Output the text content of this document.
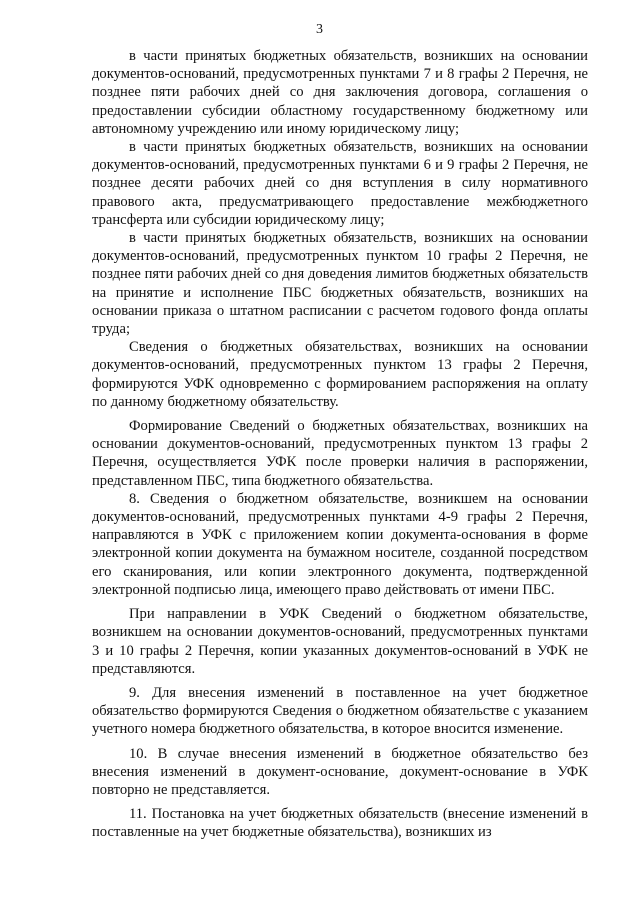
3

в части принятых бюджетных обязательств, возникших на основании документов-оснований, предусмотренных пунктами 7 и 8 графы 2 Перечня, не позднее пяти рабочих дней со дня заключения договора, соглашения о предоставлении субсидии областному государственному бюджетному или автономному учреждению или иному юридическому лицу;

в части принятых бюджетных обязательств, возникших на основании документов-оснований, предусмотренных пунктами 6 и 9 графы 2 Перечня, не позднее десяти рабочих дней со дня вступления в силу нормативного правового акта, предусматривающего предоставление межбюджетного трансферта или субсидии юридическому лицу;

в части принятых бюджетных обязательств, возникших на основании документов-оснований, предусмотренных пунктом 10 графы 2 Перечня, не позднее пяти рабочих дней со дня доведения лимитов бюджетных обязательств на принятие и исполнение ПБС бюджетных обязательств, возникших на основании приказа о штатном расписании с расчетом годового фонда оплаты труда;

Сведения о бюджетных обязательствах, возникших на основании документов-оснований, предусмотренных пунктом 13 графы 2 Перечня, формируются УФК одновременно с формированием распоряжения на оплату по данному бюджетному обязательству.

Формирование Сведений о бюджетных обязательствах, возникших на основании документов-оснований, предусмотренных пунктом 13 графы 2 Перечня, осуществляется УФК после проверки наличия в распоряжении, представленном ПБС, типа бюджетного обязательства.

8. Сведения о бюджетном обязательстве, возникшем на основании документов-оснований, предусмотренных пунктами 4-9 графы 2 Перечня, направляются в УФК с приложением копии документа-основания в форме электронной копии документа на бумажном носителе, созданной посредством его сканирования, или копии электронного документа, подтвержденной электронной подписью лица, имеющего право действовать от имени ПБС.

При направлении в УФК Сведений о бюджетном обязательстве, возникшем на основании документов-оснований, предусмотренных пунктами 3 и 10 графы 2 Перечня, копии указанных документов-оснований в УФК не представляются.

9. Для внесения изменений в поставленное на учет бюджетное обязательство формируются Сведения о бюджетном обязательстве с указанием учетного номера бюджетного обязательства, в которое вносится изменение.

10. В случае внесения изменений в бюджетное обязательство без внесения изменений в документ-основание, документ-основание в УФК повторно не представляется.

11. Постановка на учет бюджетных обязательств (внесение изменений в поставленные на учет бюджетные обязательства), возникших из
